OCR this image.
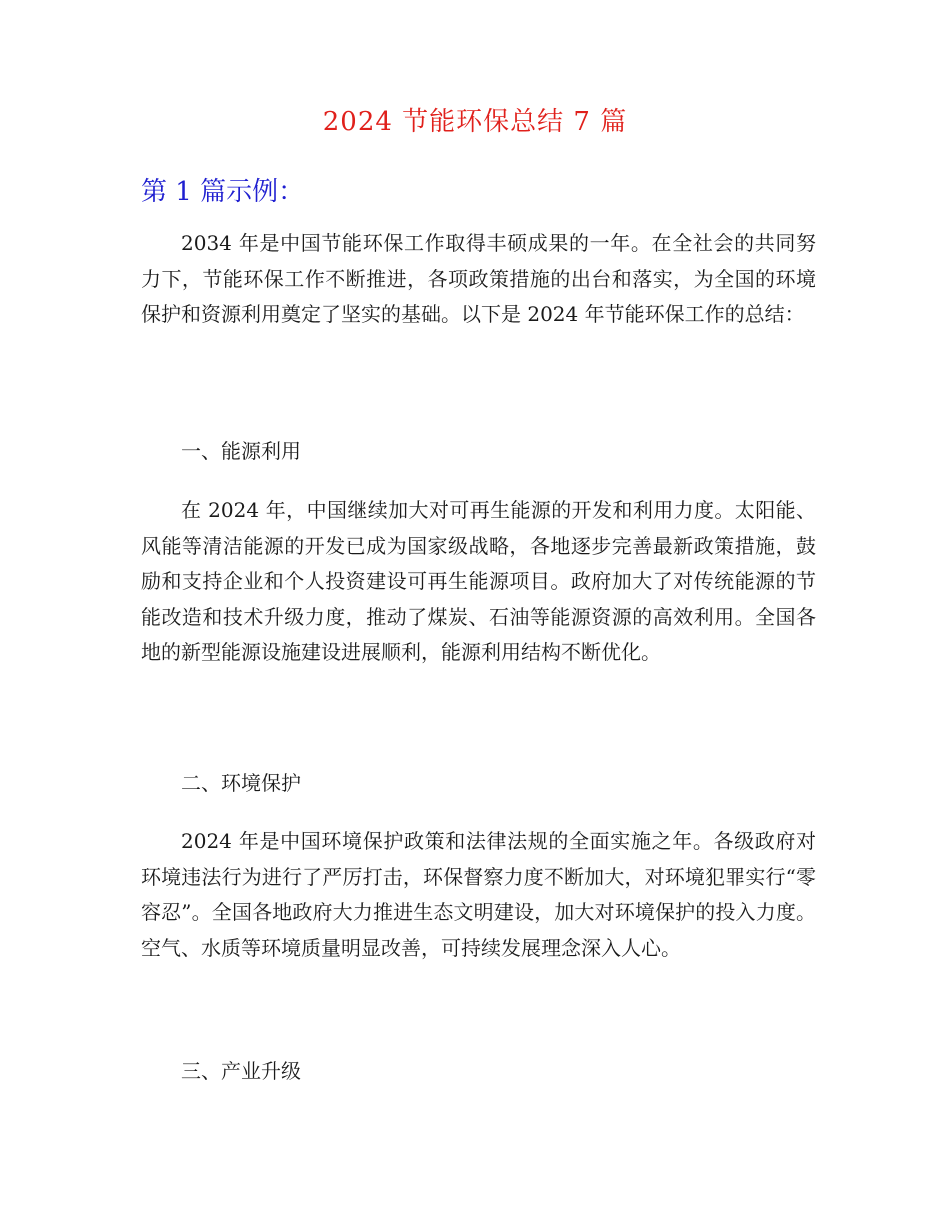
2024 节能环保总结 7 篇
第 1 篇示例：

2034 年是中国节能环保工作取得丰硕成果的一年。在全社会的共同努力下，节能环保工作不断推进，各项政策措施的出台和落实，为全国的环境保护和资源利用奠定了坚实的基础。以下是 2024 年节能环保工作的总结：

一、能源利用

在 2024 年，中国继续加大对可再生能源的开发和利用力度。太阳能、风能等清洁能源的开发已成为国家级战略，各地逐步完善最新政策措施，鼓励和支持企业和个人投资建设可再生能源项目。政府加大了对传统能源的节能改造和技术升级力度，推动了煤炭、石油等能源资源的高效利用。全国各地的新型能源设施建设进展顺利，能源利用结构不断优化。

二、环境保护

2024 年是中国环境保护政策和法律法规的全面实施之年。各级政府对环境违法行为进行了严厉打击，环保督察力度不断加大，对环境犯罪实行“零容忍”。全国各地政府大力推进生态文明建设，加大对环境保护的投入力度。空气、水质等环境质量明显改善，可持续发展理念深入人心。

三、产业升级
